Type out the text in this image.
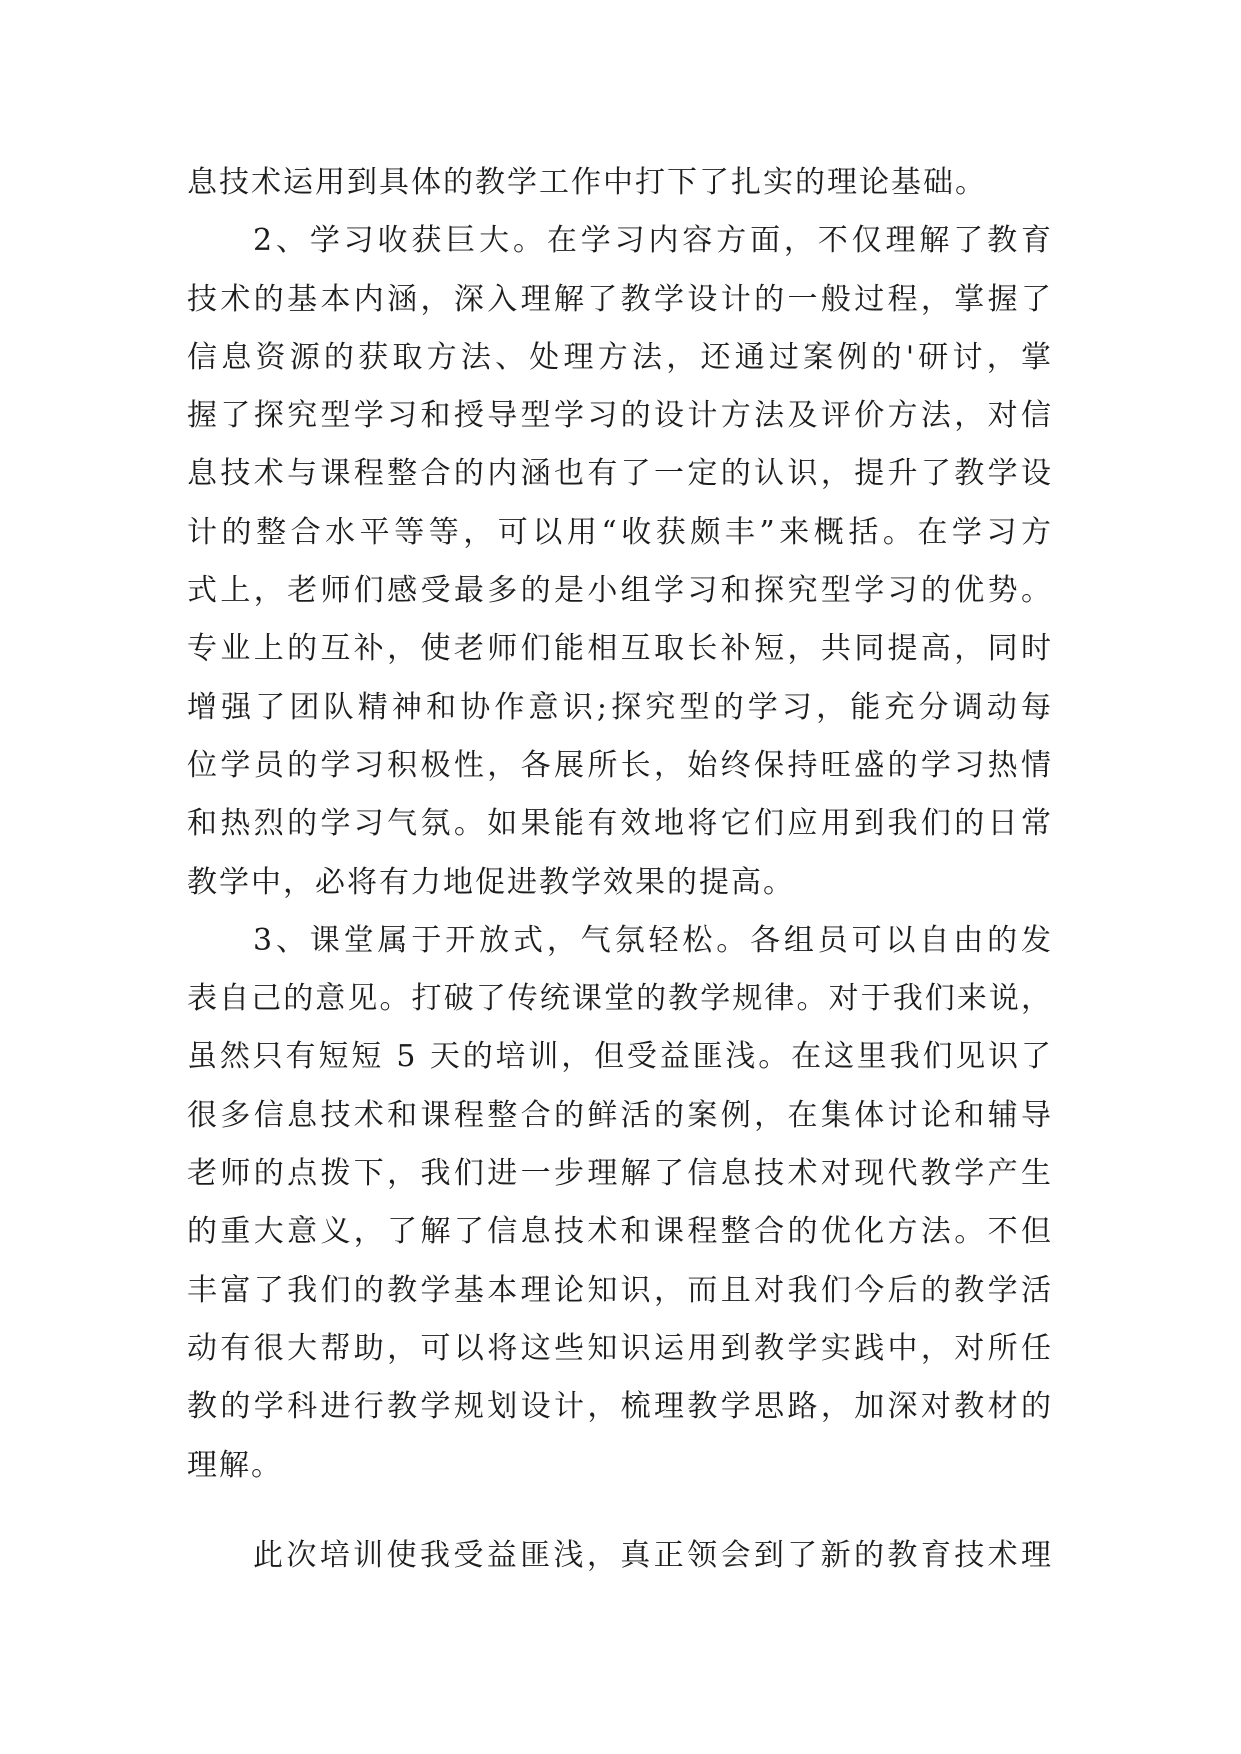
息技术运用到具体的教学工作中打下了扎实的理论基础。
2、学习收获巨大。在学习内容方面，不仅理解了教育
技术的基本内涵，深入理解了教学设计的一般过程，掌握了
信息资源的获取方法、处理方法，还通过案例的'研讨，掌
握了探究型学习和授导型学习的设计方法及评价方法，对信
息技术与课程整合的内涵也有了一定的认识，提升了教学设
计的整合水平等等，可以用“收获颇丰”来概括。在学习方
式上，老师们感受最多的是小组学习和探究型学习的优势。
专业上的互补，使老师们能相互取长补短，共同提高，同时
增强了团队精神和协作意识;探究型的学习，能充分调动每
位学员的学习积极性，各展所长，始终保持旺盛的学习热情
和热烈的学习气氛。如果能有效地将它们应用到我们的日常
教学中，必将有力地促进教学效果的提高。
3、课堂属于开放式，气氛轻松。各组员可以自由的发
表自己的意见。打破了传统课堂的教学规律。对于我们来说，
虽然只有短短 5 天的培训，但受益匪浅。在这里我们见识了
很多信息技术和课程整合的鲜活的案例，在集体讨论和辅导
老师的点拨下，我们进一步理解了信息技术对现代教学产生
的重大意义，了解了信息技术和课程整合的优化方法。不但
丰富了我们的教学基本理论知识，而且对我们今后的教学活
动有很大帮助，可以将这些知识运用到教学实践中，对所任
教的学科进行教学规划设计，梳理教学思路，加深对教材的
理解。
此次培训使我受益匪浅，真正领会到了新的教育技术理
